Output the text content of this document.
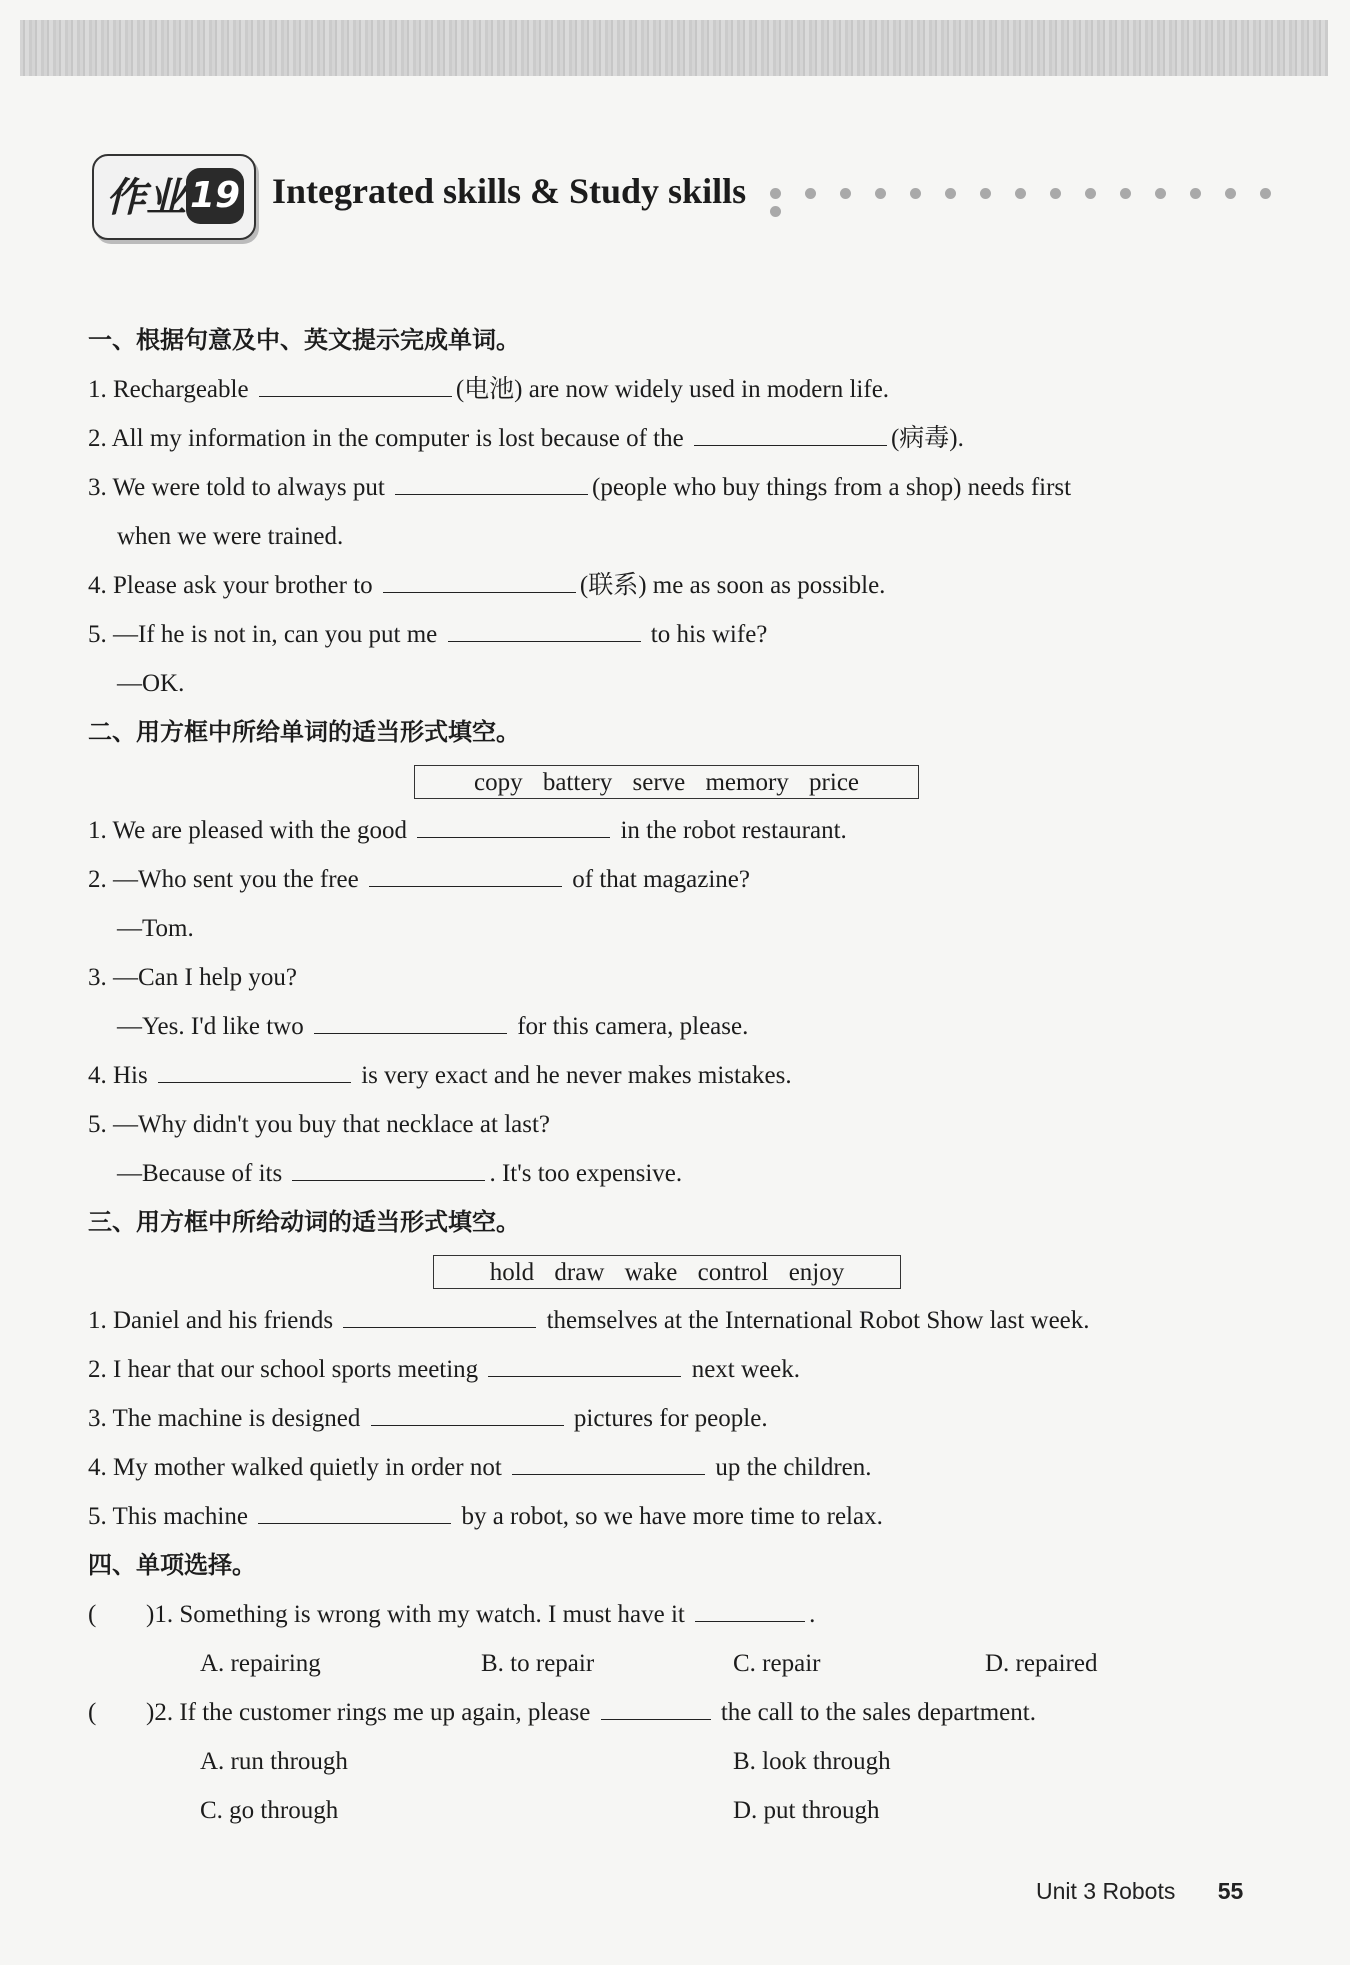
作业 19 Integrated skills & Study skills
一、根据句意及中、英文提示完成单词。
1. Rechargeable	(电池) are now widely used in modern life.
2. All my information in the computer is lost because of the	(病毒).
3. We were told to always put	(people who buy things from a shop) needs first
when we were trained.
4. Please ask your brother to	(联系) me as soon as possible.
5. —If he is not in, can you put me	to his wife?
—OK.
二、用方框中所给单词的适当形式填空。
copy battery serve memory price
1. We are pleased with the good	in the robot restaurant.
2. —Who sent you the free	of that magazine?
—Tom.
3. —Can I help you?
—Yes. I'd like two	for this camera, please.
4. His	is very exact and he never makes mistakes.
5. —Why didn't you buy that necklace at last?
—Because of its	. It's too expensive.
三、用方框中所给动词的适当形式填空。
hold draw wake control enjoy
1. Daniel and his friends	themselves at the International Robot Show last week.
2. I hear that our school sports meeting	next week.
3. The machine is designed	pictures for people.
4. My mother walked quietly in order not	up the children.
5. This machine	by a robot, so we have more time to relax.
四、单项选择。
( )1. Something is wrong with my watch. I must have it	.
A. repairing	B. to repair	C. repair	D. repaired
( )2. If the customer rings me up again, please	the call to the sales department.
A. run through	B. look through
C. go through	D. put through
Unit 3 Robots 55
